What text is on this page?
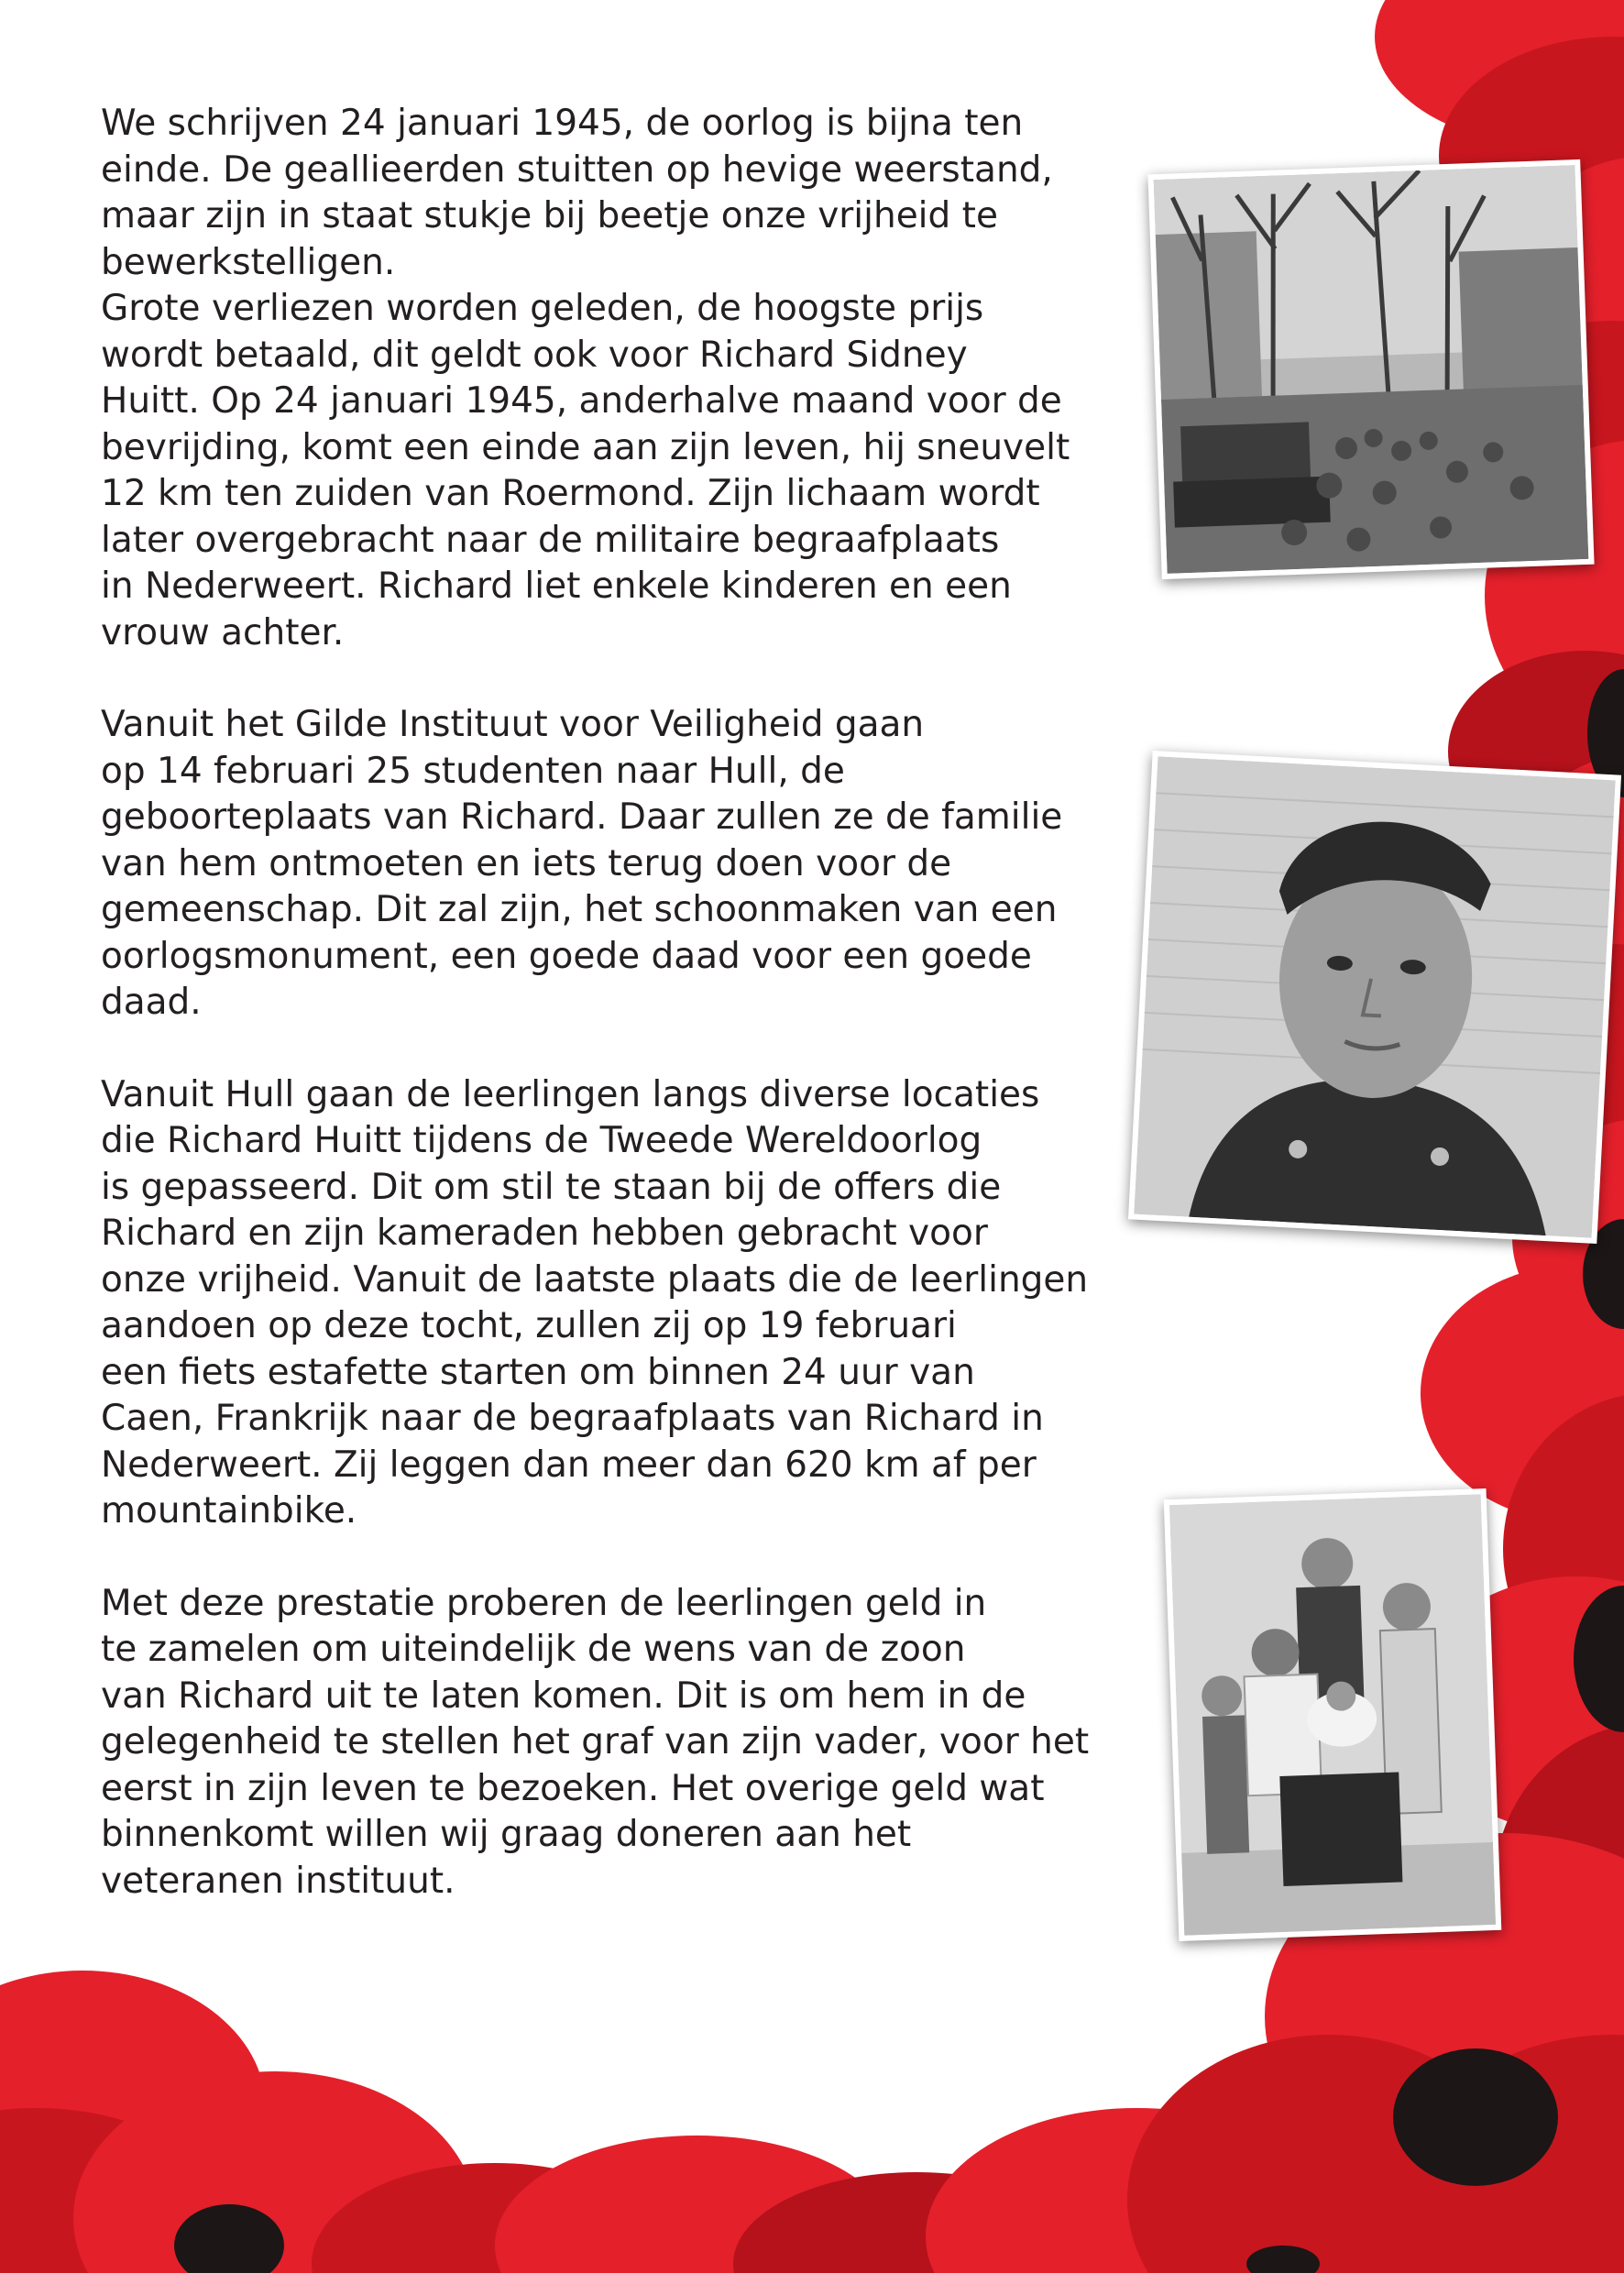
We schrijven 24 januari 1945, de oorlog is bijna ten
einde. De geallieerden stuitten op hevige weerstand,
maar zijn in staat stukje bij beetje onze vrijheid te
bewerkstelligen.
Grote verliezen worden geleden, de hoogste prijs
wordt betaald, dit geldt ook voor Richard Sidney
Huitt. Op 24 januari 1945, anderhalve maand voor de
bevrijding, komt een einde aan zijn leven, hij sneuvelt
12 km ten zuiden van Roermond. Zijn lichaam wordt
later overgebracht naar de militaire begraafplaats
in Nederweert. Richard liet enkele kinderen en een
vrouw achter.

Vanuit het Gilde Instituut voor Veiligheid gaan
op 14 februari 25 studenten naar Hull, de
geboorteplaats van Richard. Daar zullen ze de familie
van hem ontmoeten en iets terug doen voor de
gemeenschap. Dit zal zijn, het schoonmaken van een
oorlogsmonument, een goede daad voor een goede
daad.

Vanuit Hull gaan de leerlingen langs diverse locaties
die Richard Huitt tijdens de Tweede Wereldoorlog
is gepasseerd. Dit om stil te staan bij de offers die
Richard en zijn kameraden hebben gebracht voor
onze vrijheid. Vanuit de laatste plaats die de leerlingen
aandoen op deze tocht, zullen zij op 19 februari
een fiets estafette starten om binnen 24 uur van
Caen, Frankrijk naar de begraafplaats van Richard in
Nederweert. Zij leggen dan meer dan 620 km af per
mountainbike.

Met deze prestatie proberen de leerlingen geld in
te zamelen om uiteindelijk de wens van de zoon
van Richard uit te laten komen. Dit is om hem in de
gelegenheid te stellen het graf van zijn vader, voor het
eerst in zijn leven te bezoeken. Het overige geld wat
binnenkomt willen wij graag doneren aan het
veteranen instituut.
